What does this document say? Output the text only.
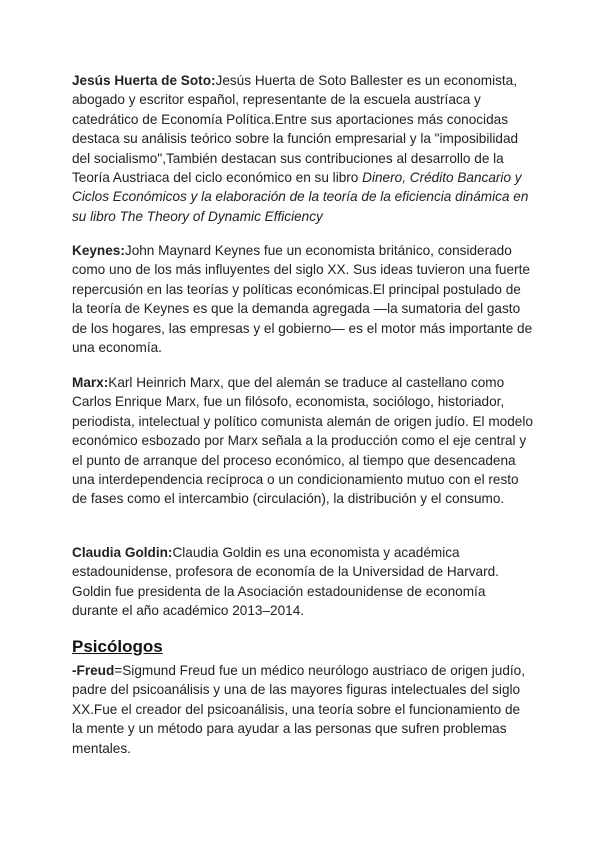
Jesús Huerta de Soto:Jesús Huerta de Soto Ballester es un economista, abogado y escritor español, representante de la escuela austríaca y catedrático de Economía Política.Entre sus aportaciones más conocidas destaca su análisis teórico sobre la función empresarial y la "imposibilidad del socialismo",También destacan sus contribuciones al desarrollo de la Teoría Austriaca del ciclo económico en su libro Dinero, Crédito Bancario y Ciclos Económicos y la elaboración de la teoría de la eficiencia dinámica en su libro The Theory of Dynamic Efficiency

Keynes:John Maynard Keynes fue un economista británico, considerado como uno de los más influyentes del siglo XX. Sus ideas tuvieron una fuerte repercusión en las teorías y políticas económicas.El principal postulado de la teoría de Keynes es que la demanda agregada —la sumatoria del gasto de los hogares, las empresas y el gobierno— es el motor más importante de una economía.

Marx:Karl Heinrich Marx, que del alemán se traduce al castellano como Carlos Enrique Marx, fue un filósofo, economista, sociólogo, historiador, periodista, intelectual y político comunista alemán de origen judío. El modelo económico esbozado por Marx señala a la producción como el eje central y el punto de arranque del proceso económico, al tiempo que desencadena una interdependencia recíproca o un condicionamiento mutuo con el resto de fases como el intercambio (circulación), la distribución y el consumo.

Claudia Goldin:Claudia Goldin es una economista y académica estadounidense, profesora de economía de la Universidad de Harvard. Goldin fue presidenta de la Asociación estadounidense de economía durante el año académico 2013–2014.

Psicólogos

-Freud=Sigmund Freud fue un médico neurólogo austriaco de origen judío, padre del psicoanálisis y una de las mayores figuras intelectuales del siglo XX.Fue el creador del psicoanálisis, una teoría sobre el funcionamiento de la mente y un método para ayudar a las personas que sufren problemas mentales.
